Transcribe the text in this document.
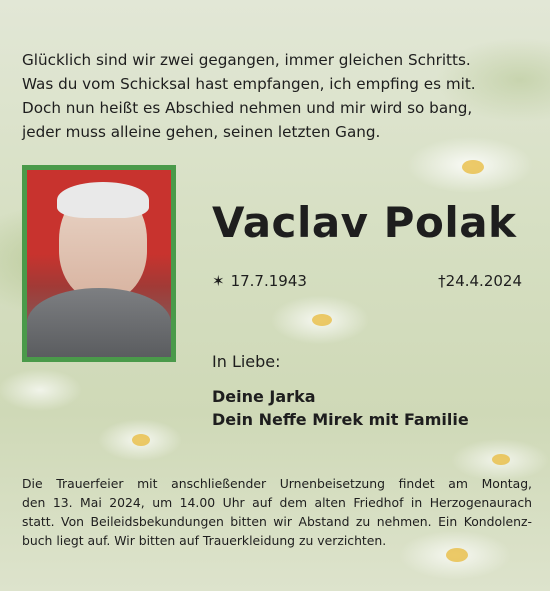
Glücklich sind wir zwei gegangen, immer gleichen Schritts.
Was du vom Schicksal hast empfangen, ich empfing es mit.
Doch nun heißt es Abschied nehmen und mir wird so bang,
jeder muss alleine gehen, seinen letzten Gang.
Vaclav Polak
✶ 17.7.1943	†24.4.2024
In Liebe:
Deine Jarka
Dein Neffe Mirek mit Familie
Die Trauerfeier mit anschließender Urnenbeisetzung findet am Montag,
den 13. Mai 2024, um 14.00 Uhr auf dem alten Friedhof in Herzogenaurach
statt. Von Beileidsbekundungen bitten wir Abstand zu nehmen. Ein Kondolenz-
buch liegt auf. Wir bitten auf Trauerkleidung zu verzichten.
